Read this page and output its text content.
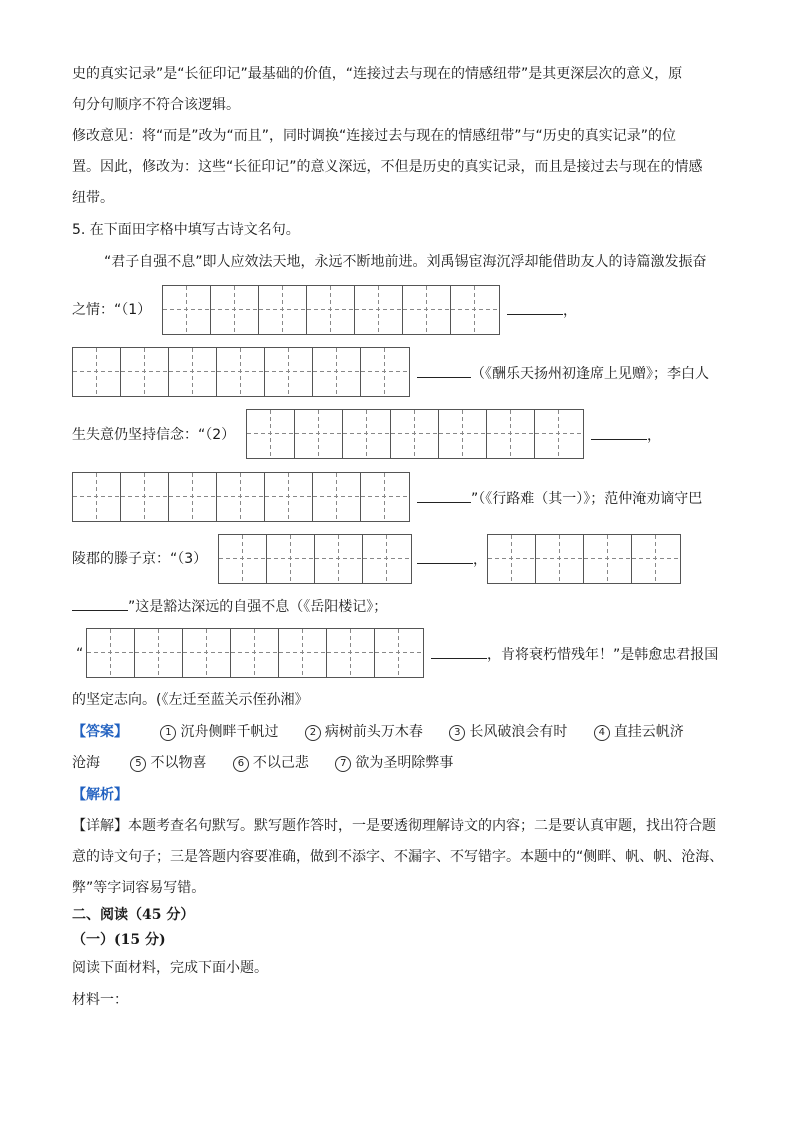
史的真实记录”是“长征印记”最基础的价值，“连接过去与现在的情感纽带”是其更深层次的意义，原
句分句顺序不符合该逻辑。
修改意见：将“而是”改为“而且”，同时调换“连接过去与现在的情感纽带”与“历史的真实记录”的位
置。因此，修改为：这些“长征印记”的意义深远，不但是历史的真实记录，而且是接过去与现在的情感
纽带。
5. 在下面田字格中填写古诗文名句。
“君子自强不息”即人应效法天地，永远不断地前进。刘禹锡宦海沉浮却能借助友人的诗篇激发振奋
之情：“（1）	，
（《酬乐天扬州初逢席上见赠》；李白人
生失意仍坚持信念：“（2）	，
”（《行路难（其一）》；范仲淹劝谪守巴
陵郡的滕子京：“（3）	，
”这是豁达深远的自强不息（《岳阳楼记》；
“	，肯将衰朽惜残年！”是韩愈忠君报国
的坚定志向。(《左迁至蓝关示侄孙湘》
【答案】	1 沉舟侧畔千帆过	2 病树前头万木春	3 长风破浪会有时	4 直挂云帆济
沧海	5 不以物喜	6 不以己悲	7 欲为圣明除弊事
【解析】
【详解】本题考查名句默写。默写题作答时，一是要透彻理解诗文的内容；二是要认真审题，找出符合题
意的诗文句子；三是答题内容要准确，做到不添字、不漏字、不写错字。本题中的“侧畔、帆、帆、沧海、
弊”等字词容易写错。
二、阅读（45 分）
（一）(15 分)
阅读下面材料，完成下面小题。
材料一：
